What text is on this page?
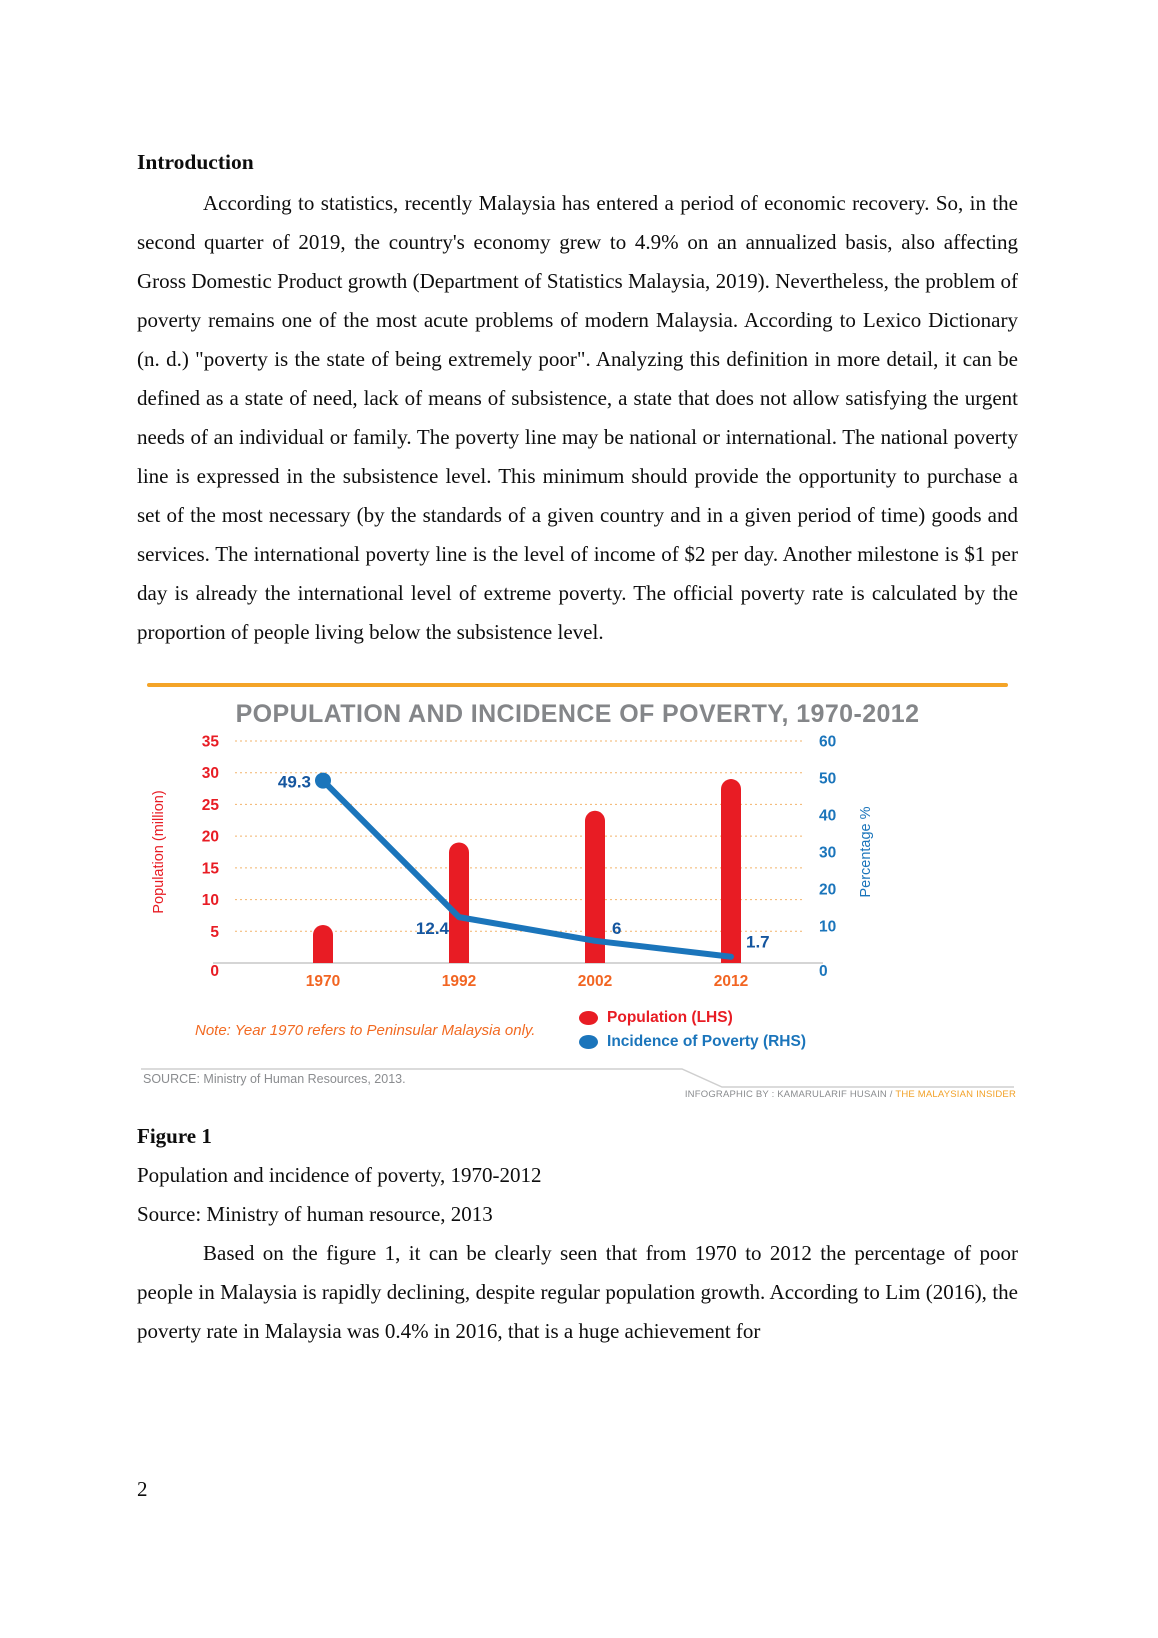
Introduction

According to statistics, recently Malaysia has entered a period of economic recovery. So, in the second quarter of 2019, the country's economy grew to 4.9% on an annualized basis, also affecting Gross Domestic Product growth (Department of Statistics Malaysia, 2019). Nevertheless, the problem of poverty remains one of the most acute problems of modern Malaysia. According to Lexico Dictionary (n. d.) "poverty is the state of being extremely poor". Analyzing this definition in more detail, it can be defined as a state of need, lack of means of subsistence, a state that does not allow satisfying the urgent needs of an individual or family. The poverty line may be national or international. The national poverty line is expressed in the subsistence level. This minimum should provide the opportunity to purchase a set of the most necessary (by the standards of a given country and in a given period of time) goods and services. The international poverty line is the level of income of $2 per day. Another milestone is $1 per day is already the international level of extreme poverty. The official poverty rate is calculated by the proportion of people living below the subsistence level.

POPULATION AND INCIDENCE OF POVERTY, 1970-2012
35
30
25
20
15
10
5
0
60
50
40
30
20
10
0
Population (million)	Percentage %
1970	1992	2002	2012
49.3
12.4	6
1.7
Note: Year 1970 refers to Peninsular Malaysia only.
Population (LHS)
Incidence of Poverty (RHS)
SOURCE: Ministry of Human Resources, 2013.
INFOGRAPHIC BY : KAMARULARIF HUSAIN / THE MALAYSIAN INSIDER

Figure 1

Population and incidence of poverty, 1970-2012

Source: Ministry of human resource, 2013

Based on the figure 1, it can be clearly seen that from 1970 to 2012 the percentage of poor people in Malaysia is rapidly declining, despite regular population growth. According to Lim (2016), the poverty rate in Malaysia was 0.4% in 2016, that is a huge achievement for

2
